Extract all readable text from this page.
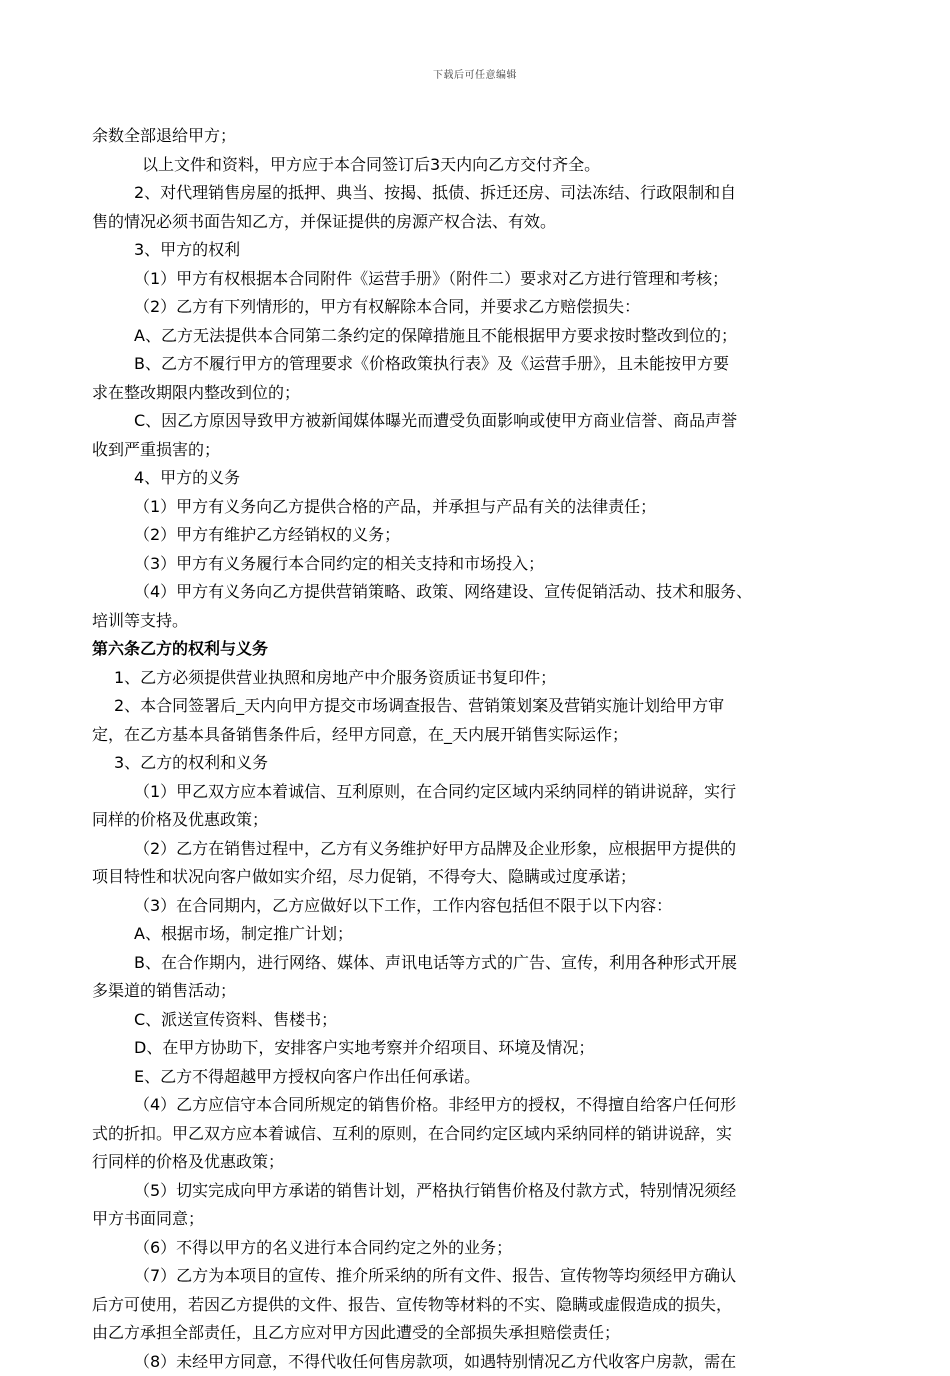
下载后可任意编辑
余数全部退给甲方；
以上文件和资料，甲方应于本合同签订后3天内向乙方交付齐全。
2、对代理销售房屋的抵押、典当、按揭、抵债、拆迁还房、司法冻结、行政限制和自
售的情况必须书面告知乙方，并保证提供的房源产权合法、有效。
3、甲方的权利
（1）甲方有权根据本合同附件《运营手册》（附件二）要求对乙方进行管理和考核；
（2）乙方有下列情形的，甲方有权解除本合同，并要求乙方赔偿损失：
A、乙方无法提供本合同第二条约定的保障措施且不能根据甲方要求按时整改到位的；
B、乙方不履行甲方的管理要求《价格政策执行表》及《运营手册》，且未能按甲方要
求在整改期限内整改到位的；
C、因乙方原因导致甲方被新闻媒体曝光而遭受负面影响或使甲方商业信誉、商品声誉
收到严重损害的；
4、甲方的义务
（1）甲方有义务向乙方提供合格的产品，并承担与产品有关的法律责任；
（2）甲方有维护乙方经销权的义务；
（3）甲方有义务履行本合同约定的相关支持和市场投入；
（4）甲方有义务向乙方提供营销策略、政策、网络建设、宣传促销活动、技术和服务、
培训等支持。
第六条乙方的权利与义务
1、乙方必须提供营业执照和房地产中介服务资质证书复印件；
2、本合同签署后_天内向甲方提交市场调查报告、营销策划案及营销实施计划给甲方审
定，在乙方基本具备销售条件后，经甲方同意，在_天内展开销售实际运作；
3、乙方的权利和义务
（1）甲乙双方应本着诚信、互利原则，在合同约定区域内采纳同样的销讲说辞，实行
同样的价格及优惠政策；
（2）乙方在销售过程中，乙方有义务维护好甲方品牌及企业形象，应根据甲方提供的
项目特性和状况向客户做如实介绍，尽力促销，不得夸大、隐瞒或过度承诺；
（3）在合同期内，乙方应做好以下工作，工作内容包括但不限于以下内容：
A、根据市场，制定推广计划；
B、在合作期内，进行网络、媒体、声讯电话等方式的广告、宣传，利用各种形式开展
多渠道的销售活动；
C、派送宣传资料、售楼书；
D、在甲方协助下，安排客户实地考察并介绍项目、环境及情况；
E、乙方不得超越甲方授权向客户作出任何承诺。
（4）乙方应信守本合同所规定的销售价格。非经甲方的授权，不得擅自给客户任何形
式的折扣。甲乙双方应本着诚信、互利的原则，在合同约定区域内采纳同样的销讲说辞，实
行同样的价格及优惠政策；
（5）切实完成向甲方承诺的销售计划，严格执行销售价格及付款方式，特别情况须经
甲方书面同意；
（6）不得以甲方的名义进行本合同约定之外的业务；
（7）乙方为本项目的宣传、推介所采纳的所有文件、报告、宣传物等均须经甲方确认
后方可使用，若因乙方提供的文件、报告、宣传物等材料的不实、隐瞒或虚假造成的损失，
由乙方承担全部责任，且乙方应对甲方因此遭受的全部损失承担赔偿责任；
（8）未经甲方同意，不得代收任何售房款项，如遇特别情况乙方代收客户房款，需在
